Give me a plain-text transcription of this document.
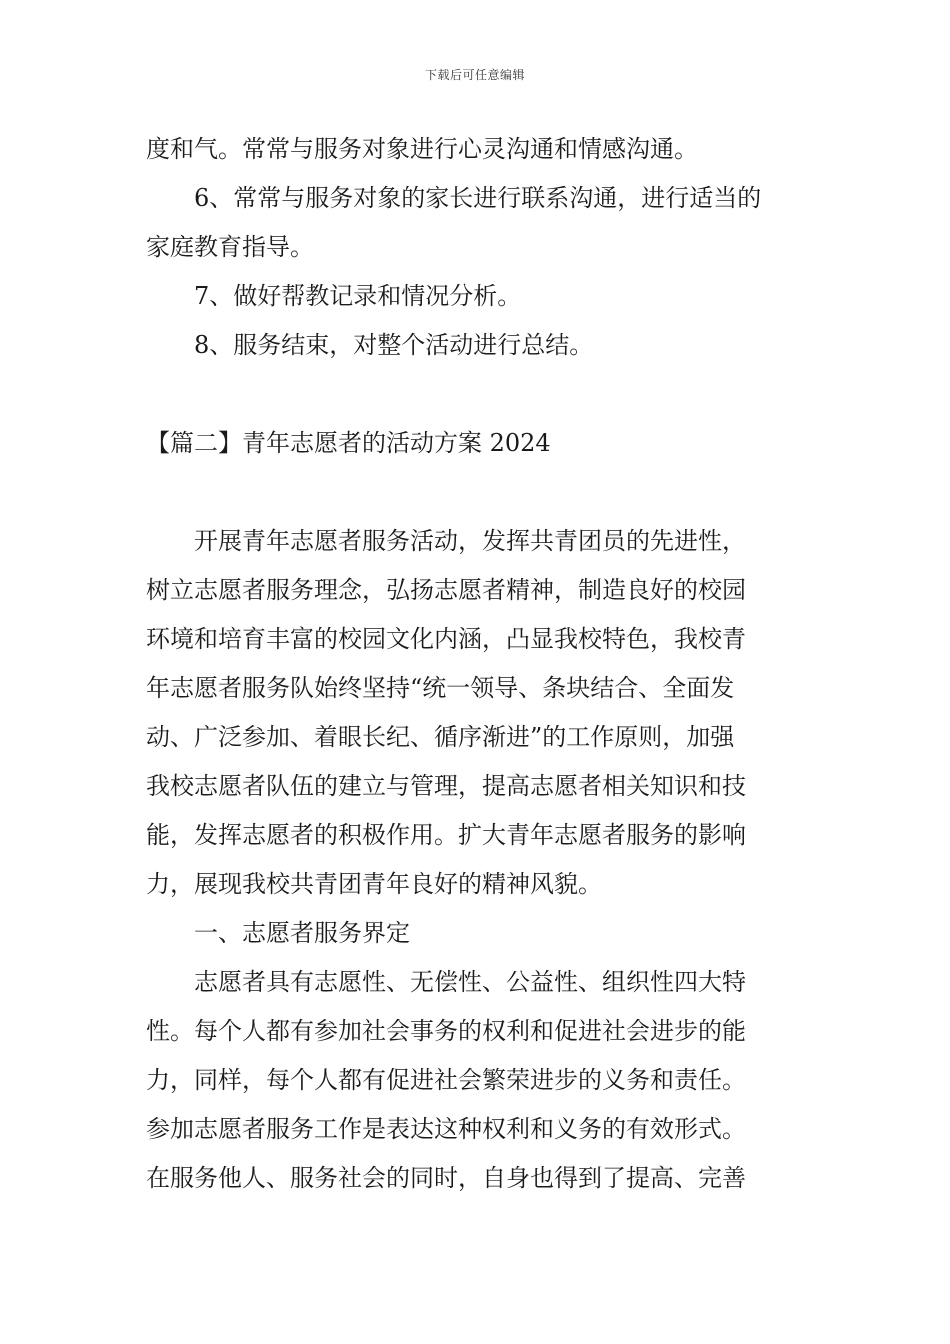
下载后可任意编辑
度和气。常常与服务对象进行心灵沟通和情感沟通。
6、常常与服务对象的家长进行联系沟通，进行适当的
家庭教育指导。
7、做好帮教记录和情况分析。
8、服务结束，对整个活动进行总结。
【篇二】青年志愿者的活动方案 2024
开展青年志愿者服务活动，发挥共青团员的先进性，
树立志愿者服务理念，弘扬志愿者精神，制造良好的校园
环境和培育丰富的校园文化内涵，凸显我校特色，我校青
年志愿者服务队始终坚持“统一领导、条块结合、全面发
动、广泛参加、着眼长纪、循序渐进”的工作原则，加强
我校志愿者队伍的建立与管理，提高志愿者相关知识和技
能，发挥志愿者的积极作用。扩大青年志愿者服务的影响
力，展现我校共青团青年良好的精神风貌。
一、志愿者服务界定
志愿者具有志愿性、无偿性、公益性、组织性四大特
性。每个人都有参加社会事务的权利和促进社会进步的能
力，同样，每个人都有促进社会繁荣进步的义务和责任。
参加志愿者服务工作是表达这种权利和义务的有效形式。
在服务他人、服务社会的同时，自身也得到了提高、完善
